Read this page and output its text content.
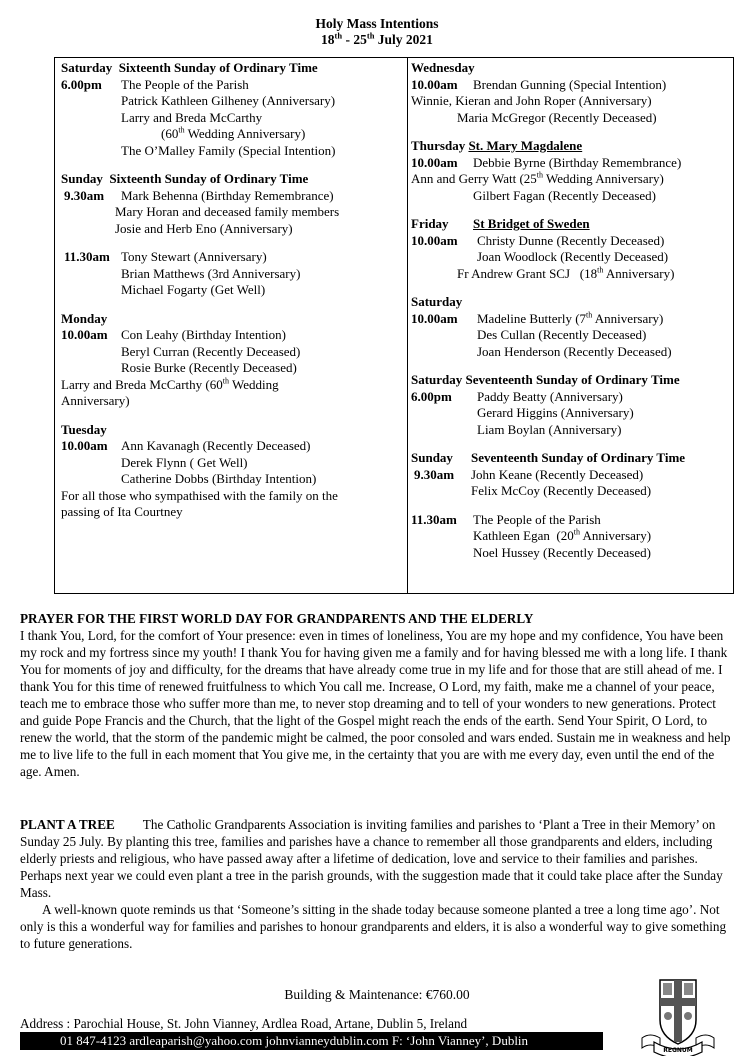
Holy Mass Intentions
18th - 25th July 2021
Saturday Sixteenth Sunday of Ordinary Time
6.00pm The People of the Parish
Patrick Kathleen Gilheney (Anniversary)
Larry and Breda McCarthy
(60th Wedding Anniversary)
The O’Malley Family (Special Intention)
Sunday Sixteenth Sunday of Ordinary Time
9.30am Mark Behenna (Birthday Remembrance)
Mary Horan and deceased family members
Josie and Herb Eno (Anniversary)
11.30am Tony Stewart (Anniversary)
Brian Matthews (3rd Anniversary)
Michael Fogarty (Get Well)
Monday
10.00am Con Leahy (Birthday Intention)
Beryl Curran (Recently Deceased)
Rosie Burke (Recently Deceased)
Larry and Breda McCarthy (60th Wedding
Anniversary)
Tuesday
10.00am Ann Kavanagh (Recently Deceased)
Derek Flynn ( Get Well)
Catherine Dobbs (Birthday Intention)
For all those who sympathised with the family on the
passing of Ita Courtney
Wednesday
10.00am Brendan Gunning (Special Intention)
Winnie, Kieran and John Roper (Anniversary)
Maria McGregor (Recently Deceased)
Thursday St. Mary Magdalene
10.00am Debbie Byrne (Birthday Remembrance)
Ann and Gerry Watt (25th Wedding Anniversary)
Gilbert Fagan (Recently Deceased)
Friday St Bridget of Sweden
10.00am Christy Dunne (Recently Deceased)
Joan Woodlock (Recently Deceased)
Fr Andrew Grant SCJ   (18th Anniversary)
Saturday
10.00am Madeline Butterly (7th Anniversary)
Des Cullan (Recently Deceased)
Joan Henderson (Recently Deceased)
Saturday Seventeenth Sunday of Ordinary Time
6.00pm Paddy Beatty (Anniversary)
Gerard Higgins (Anniversary)
Liam Boylan (Anniversary)
Sunday Seventeenth Sunday of Ordinary Time
9.30am John Keane (Recently Deceased)
Felix McCoy (Recently Deceased)
11.30am The People of the Parish
Kathleen Egan  (20th Anniversary)
Noel Hussey (Recently Deceased)
PRAYER FOR THE FIRST WORLD DAY FOR GRANDPARENTS AND THE ELDERLY
I thank You, Lord, for the comfort of Your presence: even in times of loneliness, You are my hope and my confidence, You have been my rock and my fortress since my youth! I thank You for having given me a family and for having blessed me with a long life. I thank You for moments of joy and difficulty, for the dreams that have already come true in my life and for those that are still ahead of me. I thank You for this time of renewed fruitfulness to which You call me. Increase, O Lord, my faith, make me a channel of your peace, teach me to embrace those who suffer more than me, to never stop dreaming and to tell of your wonders to new generations. Protect and guide Pope Francis and the Church, that the light of the Gospel might reach the ends of the earth. Send Your Spirit, O Lord, to renew the world, that the storm of the pandemic might be calmed, the poor consoled and wars ended. Sustain me in weakness and help me to live life to the full in each moment that You give me, in the certainty that you are with me every day, even until the end of the age. Amen.
PLANT A TREE The Catholic Grandparents Association is inviting families and parishes to ‘Plant a Tree in their Memory’ on Sunday 25 July. By planting this tree, families and parishes have a chance to remember all those grandparents and elders, including elderly priests and religious, who have passed away after a lifetime of dedication, love and service to their families and parishes. Perhaps next year we could even plant a tree in the parish grounds, with the suggestion made that it could take place after the Sunday Mass.
A well-known quote reminds us that ‘Someone’s sitting in the shade today because someone planted a tree a long time ago’. Not only is this a wonderful way for families and parishes to honour grandparents and elders, it is also a wonderful way to give something to future generations.
Building & Maintenance: €760.00
Address : Parochial House, St. John Vianney, Ardlea Road, Artane, Dublin 5, Ireland
01 847-4123 ardleaparish@yahoo.com johnvianneydublin.com F: ‘John Vianney’, Dublin
REGNUM
